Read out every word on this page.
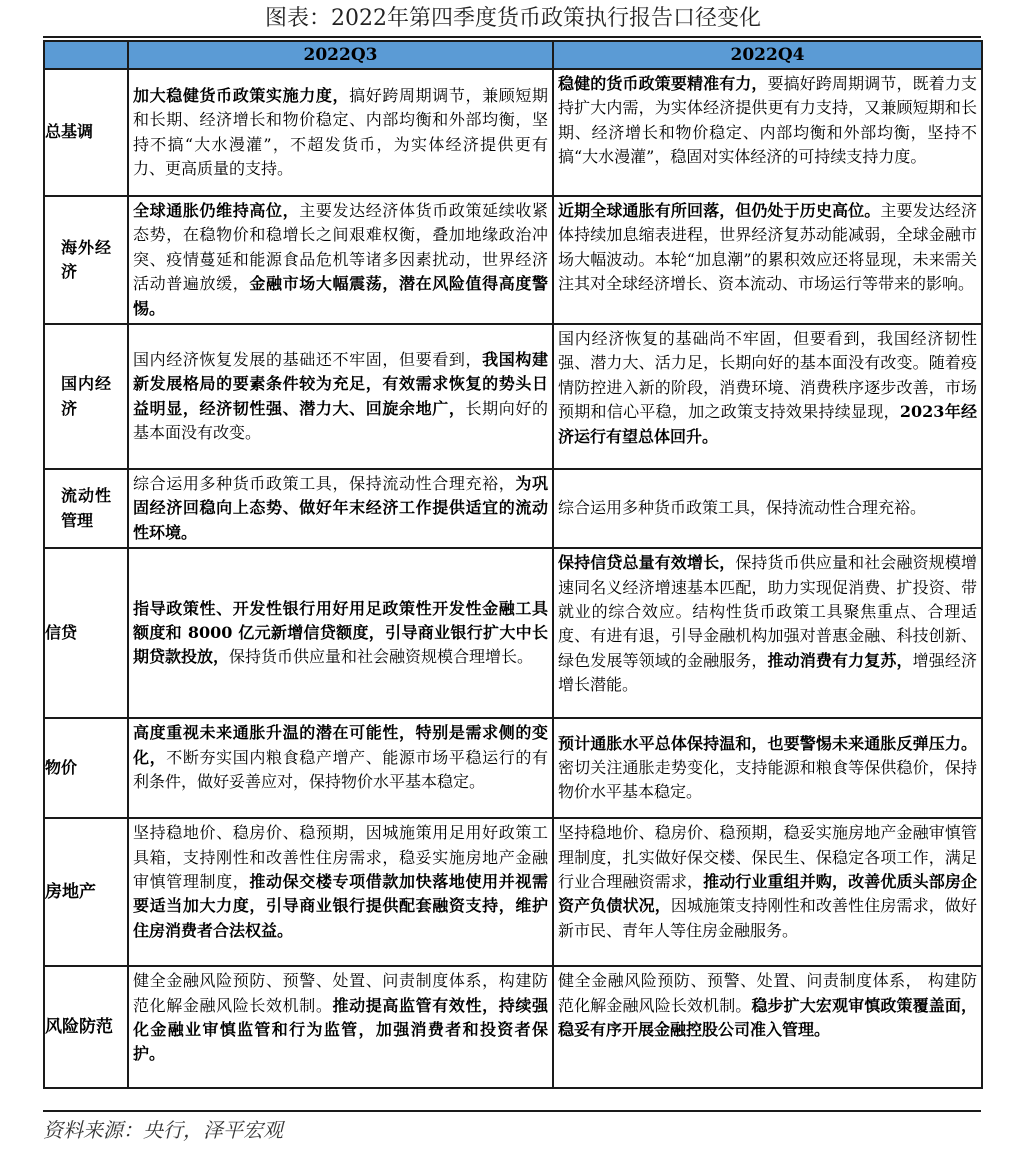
图表：2022年第四季度货币政策执行报告口径变化
	2022Q3	2022Q4
总基调	加大稳健货币政策实施力度，搞好跨周期调节，兼顾短期和长期、经济增长和物价稳定、内部均衡和外部均衡，坚持不搞“大水漫灌”，不超发货币，为实体经济提供更有力、更高质量的支持。	稳健的货币政策要精准有力，要搞好跨周期调节，既着力支持扩大内需，为实体经济提供更有力支持，又兼顾短期和长期、经济增长和物价稳定、内部均衡和外部均衡，坚持不搞“大水漫灌”，稳固对实体经济的可持续支持力度。
海外经济	全球通胀仍维持高位，主要发达经济体货币政策延续收紧态势，在稳物价和稳增长之间艰难权衡，叠加地缘政治冲突、疫情蔓延和能源食品危机等诸多因素扰动，世界经济活动普遍放缓，金融市场大幅震荡，潜在风险值得高度警惕。	近期全球通胀有所回落，但仍处于历史高位。主要发达经济体持续加息缩表进程，世界经济复苏动能减弱，全球金融市场大幅波动。本轮“加息潮”的累积效应还将显现，未来需关注其对全球经济增长、资本流动、市场运行等带来的影响。
国内经济	国内经济恢复发展的基础还不牢固，但要看到，我国构建新发展格局的要素条件较为充足，有效需求恢复的势头日益明显，经济韧性强、潜力大、回旋余地广，长期向好的基本面没有改变。	国内经济恢复的基础尚不牢固，但要看到，我国经济韧性强、潜力大、活力足，长期向好的基本面没有改变。随着疫情防控进入新的阶段，消费环境、消费秩序逐步改善，市场预期和信心平稳，加之政策支持效果持续显现，2023年经济运行有望总体回升。
流动性管理	综合运用多种货币政策工具，保持流动性合理充裕，为巩固经济回稳向上态势、做好年末经济工作提供适宜的流动性环境。	综合运用多种货币政策工具，保持流动性合理充裕。
信贷	指导政策性、开发性银行用好用足政策性开发性金融工具额度和 8000 亿元新增信贷额度，引导商业银行扩大中长期贷款投放，保持货币供应量和社会融资规模合理增长。	保持信贷总量有效增长，保持货币供应量和社会融资规模增速同名义经济增速基本匹配，助力实现促消费、扩投资、带就业的综合效应。结构性货币政策工具聚焦重点、合理适度、有进有退，引导金融机构加强对普惠金融、科技创新、绿色发展等领域的金融服务，推动消费有力复苏，增强经济增长潜能。
物价	高度重视未来通胀升温的潜在可能性，特别是需求侧的变化，不断夯实国内粮食稳产增产、能源市场平稳运行的有利条件，做好妥善应对，保持物价水平基本稳定。	预计通胀水平总体保持温和，也要警惕未来通胀反弹压力。密切关注通胀走势变化，支持能源和粮食等保供稳价，保持物价水平基本稳定。
房地产	坚持稳地价、稳房价、稳预期，因城施策用足用好政策工具箱，支持刚性和改善性住房需求，稳妥实施房地产金融审慎管理制度，推动保交楼专项借款加快落地使用并视需要适当加大力度，引导商业银行提供配套融资支持，维护住房消费者合法权益。	坚持稳地价、稳房价、稳预期，稳妥实施房地产金融审慎管理制度，扎实做好保交楼、保民生、保稳定各项工作，满足行业合理融资需求，推动行业重组并购，改善优质头部房企资产负债状况，因城施策支持刚性和改善性住房需求，做好新市民、青年人等住房金融服务。
风险防范	健全金融风险预防、预警、处置、问责制度体系，构建防范化解金融风险长效机制。推动提高监管有效性，持续强化金融业审慎监管和行为监管，加强消费者和投资者保护。	健全金融风险预防、预警、处置、问责制度体系， 构建防范化解金融风险长效机制。稳步扩大宏观审慎政策覆盖面，稳妥有序开展金融控股公司准入管理。
资料来源：央行，泽平宏观
